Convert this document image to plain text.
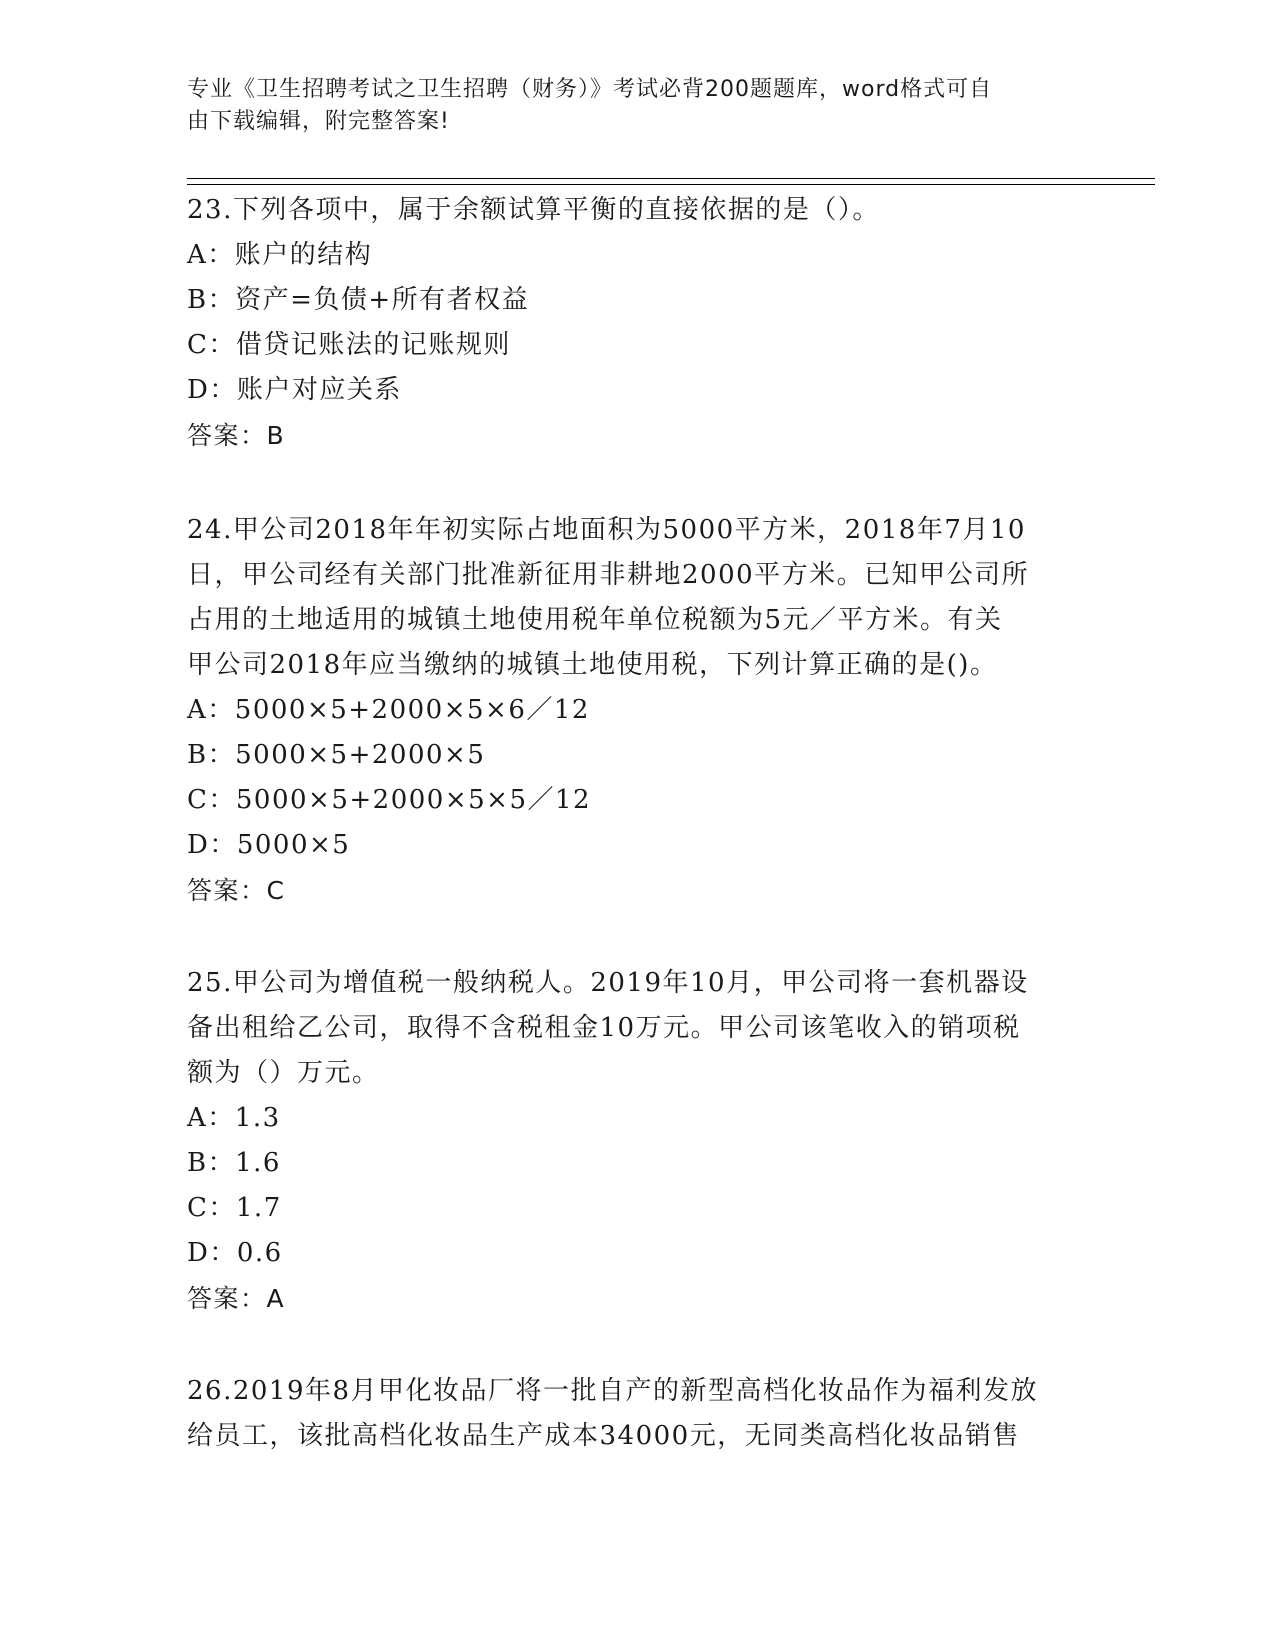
专业《卫生招聘考试之卫生招聘（财务）》考试必背200题题库，word格式可自
由下载编辑，附完整答案!
23.下列各项中，属于余额试算平衡的直接依据的是（）。
A：账户的结构
B：资产=负债+所有者权益
C：借贷记账法的记账规则
D：账户对应关系
答案：B
24.甲公司2018年年初实际占地面积为5000平方米，2018年7月10
日，甲公司经有关部门批准新征用非耕地2000平方米。已知甲公司所
占用的土地适用的城镇土地使用税年单位税额为5元／平方米。有关
甲公司2018年应当缴纳的城镇土地使用税，下列计算正确的是()。
A：5000×5+2000×5×6／12
B：5000×5+2000×5
C：5000×5+2000×5×5／12
D：5000×5
答案：C
25.甲公司为增值税一般纳税人。2019年10月，甲公司将一套机器设
备出租给乙公司，取得不含税租金10万元。甲公司该笔收入的销项税
额为（）万元。
A：1.3
B：1.6
C：1.7
D：0.6
答案：A
26.2019年8月甲化妆品厂将一批自产的新型高档化妆品作为福利发放
给员工，该批高档化妆品生产成本34000元，无同类高档化妆品销售
